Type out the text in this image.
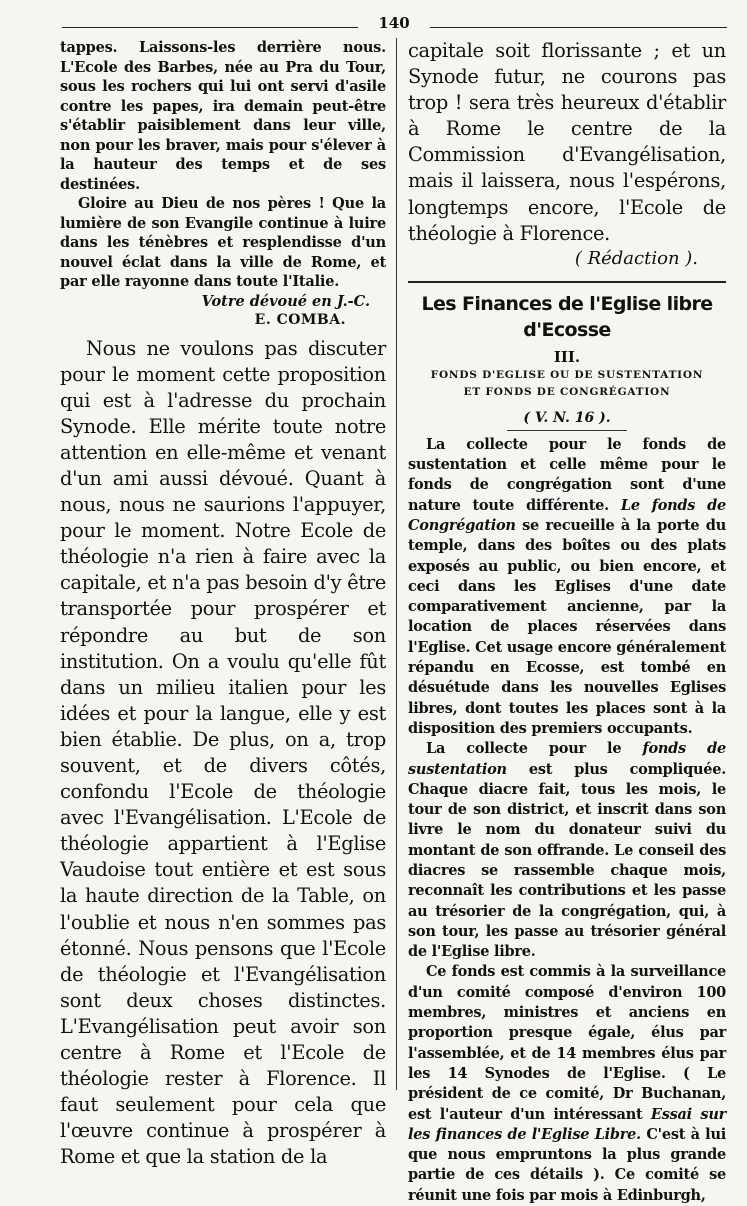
140

tappes. Laissons-les derrière nous. L'Ecole des Barbes, née au Pra du Tour, sous les rochers qui lui ont servi d'asile contre les papes, ira demain peut-être s'établir paisiblement dans leur ville, non pour les braver, mais pour s'élever à la hauteur des temps et de ses destinées.

Gloire au Dieu de nos pères ! Que la lumière de son Evangile continue à luire dans les ténèbres et resplendisse d'un nouvel éclat dans la ville de Rome, et par elle rayonne dans toute l'Italie.

Votre dévoué en J.-C.
E. COMBA.

Nous ne voulons pas discuter pour le moment cette proposition qui est à l'adresse du prochain Synode. Elle mérite toute notre attention en elle-même et venant d'un ami aussi dévoué. Quant à nous, nous ne saurions l'appuyer, pour le moment. Notre Ecole de théologie n'a rien à faire avec la capitale, et n'a pas besoin d'y être transportée pour prospérer et répondre au but de son institution. On a voulu qu'elle fût dans un milieu italien pour les idées et pour la langue, elle y est bien établie. De plus, on a, trop souvent, et de divers côtés, confondu l'Ecole de théologie avec l'Evangélisation. L'Ecole de théologie appartient à l'Eglise Vaudoise tout entière et est sous la haute direction de la Table, on l'oublie et nous n'en sommes pas étonné. Nous pensons que l'Ecole de théologie et l'Evangélisation sont deux choses distinctes. L'Evangélisation peut avoir son centre à Rome et l'Ecole de théologie rester à Florence. Il faut seulement pour cela que l'œuvre continue à prospérer à Rome et que la station de la

capitale soit florissante ; et un Synode futur, ne courons pas trop ! sera très heureux d'établir à Rome le centre de la Commission d'Evangélisation, mais il laissera, nous l'espérons, longtemps encore, l'Ecole de théologie à Florence.

( Rédaction ).
Les Finances de l'Eglise libre d'Ecosse
III.
FONDS D'EGLISE OU DE SUSTENTATION
ET FONDS DE CONGRÉGATION
( V. N. 16 ).

La collecte pour le fonds de sustentation et celle même pour le fonds de congrégation sont d'une nature toute différente. Le fonds de Congrégation se recueille à la porte du temple, dans des boîtes ou des plats exposés au public, ou bien encore, et ceci dans les Eglises d'une date comparativement ancienne, par la location de places réservées dans l'Eglise. Cet usage encore généralement répandu en Ecosse, est tombé en désuétude dans les nouvelles Eglises libres, dont toutes les places sont à la disposition des premiers occupants.

La collecte pour le fonds de sustentation est plus compliquée. Chaque diacre fait, tous les mois, le tour de son district, et inscrit dans son livre le nom du donateur suivi du montant de son offrande. Le conseil des diacres se rassemble chaque mois, reconnaît les contributions et les passe au trésorier de la congrégation, qui, à son tour, les passe au trésorier général de l'Eglise libre.

Ce fonds est commis à la surveillance d'un comité composé d'environ 100 membres, ministres et anciens en proportion presque égale, élus par l'assemblée, et de 14 membres élus par les 14 Synodes de l'Eglise. ( Le président de ce comité, Dr Buchanan, est l'auteur d'un intéressant Essai sur les finances de l'Eglise Libre. C'est à lui que nous empruntons la plus grande partie de ces détails ). Ce comité se réunit une fois par mois à Edinburgh,
